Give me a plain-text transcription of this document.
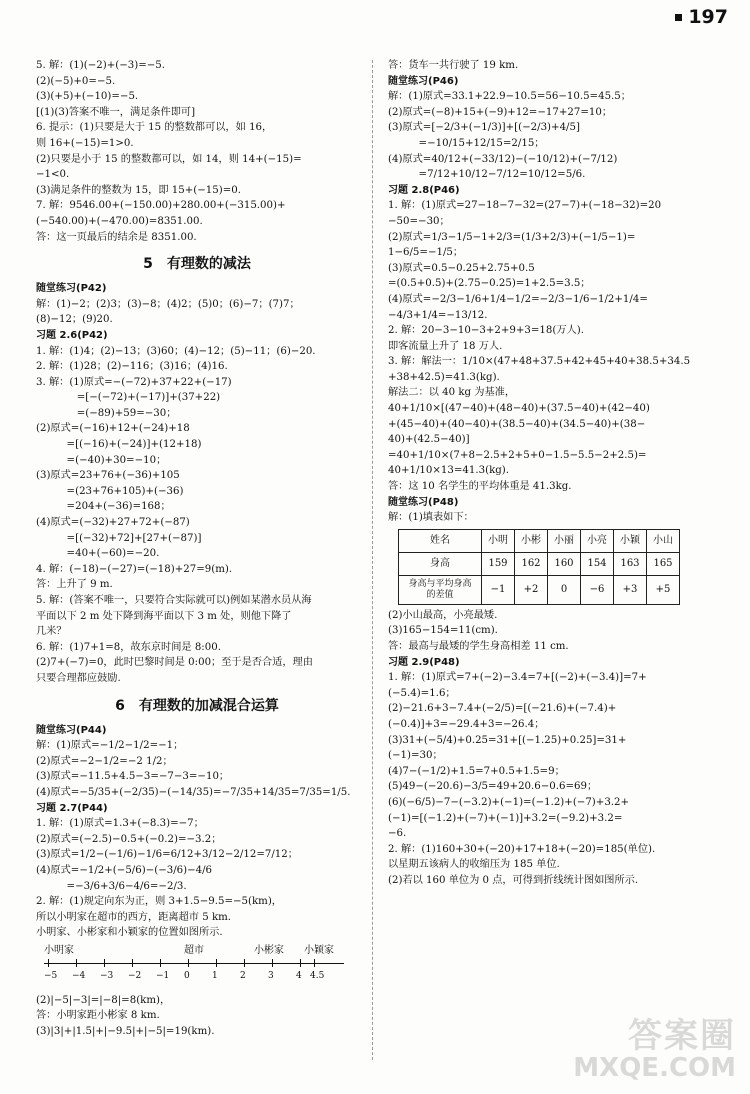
197
5. 解：(1)(−2)+(−3)=−5.
(2)(−5)+0=−5.
(3)(+5)+(−10)=−5.
[(1)(3)答案不唯一，满足条件即可]
6. 提示：(1)只要是大于 15 的整数都可以，如 16，
则 16+(−15)=1>0.
(2)只要是小于 15 的整数都可以，如 14，则 14+(−15)=
−1<0.
(3)满足条件的整数为 15，即 15+(−15)=0.
7. 解：9546.00+(−150.00)+280.00+(−315.00)+
(−540.00)+(−470.00)=8351.00.
答：这一页最后的结余是 8351.00.
5　有理数的减法
随堂练习(P42)
解：(1)−2；(2)3；(3)−8；(4)2；(5)0；(6)−7；(7)7；
(8)−12；(9)20.
习题 2.6(P42)
1. 解：(1)4；(2)−13；(3)60；(4)−12；(5)−11；(6)−20.
2. 解：(1)28；(2)−116；(3)16；(4)16.
3. 解：(1)原式=−(−72)+37+22+(−17)
　　　　=[−(−72)+(−17)]+(37+22)
　　　　=(−89)+59=−30；
(2)原式=(−16)+12+(−24)+18
　　　=[(−16)+(−24)]+(12+18)
　　　=(−40)+30=−10；
(3)原式=23+76+(−36)+105
　　　=(23+76+105)+(−36)
　　　=204+(−36)=168；
(4)原式=(−32)+27+72+(−87)
　　　=[(−32)+72]+[27+(−87)]
　　　=40+(−60)=−20.
4. 解：(−18)−(−27)=(−18)+27=9(m).
答：上升了 9 m.
5. 解：(答案不唯一，只要符合实际就可以)例如某潜水员从海
平面以下 2 m 处下降到海平面以下 3 m 处，则他下降了
几米？
6. 解：(1)7+1=8，故东京时间是 8:00.
(2)7+(−7)=0，此时巴黎时间是 0:00；至于是否合适，理由
只要合理都应鼓励.
6　有理数的加减混合运算
随堂练习(P44)
解：(1)原式=−1/2−1/2=−1；
(2)原式=−2−1/2=−2 1/2；
(3)原式=−11.5+4.5−3=−7−3=−10；
(4)原式=−5/35+(−2/35)−(−14/35)=−7/35+14/35=7/35=1/5.
习题 2.7(P44)
1. 解：(1)原式=1.3+(−8.3)=−7；
(2)原式=(−2.5)−0.5+(−0.2)=−3.2；
(3)原式=1/2−(−1/6)−1/6=6/12+3/12−2/12=7/12；
(4)原式=−1/2+(−5/6)−(−3/6)−4/6
　　　=−3/6+3/6−4/6=−2/3.
2. 解：(1)规定向东为正，则 3+1.5−9.5=−5(km)，
所以小明家在超市的西方，距离超市 5 km.
小明家、小彬家和小颖家的位置如图所示.
小明家	超市	小彬家 小颖家
−5 −4 −3 −2 −1 0 1 2 3 4 4.5
(2)|−5|−3|=|−8|=8(km)，
答：小明家距小彬家 8 km.
(3)|3|+|1.5|+|−9.5|+|−5|=19(km).
答：货车一共行驶了 19 km.
随堂练习(P46)
解：(1)原式=33.1+22.9−10.5=56−10.5=45.5；
(2)原式=(−8)+15+(−9)+12=−17+27=10；
(3)原式=[−2/3+(−1/3)]+[(−2/3)+4/5]
　　　=−10/15+12/15=2/15；
(4)原式=40/12+(−33/12)−(−10/12)+(−7/12)
　　　=7/12+10/12−7/12=10/12=5/6.
习题 2.8(P46)
1. 解：(1)原式=27−18−7−32=(27−7)+(−18−32)=20
−50=−30；
(2)原式=1/3−1/5−1+2/3=(1/3+2/3)+(−1/5−1)=
1−6/5=−1/5；
(3)原式=0.5−0.25+2.75+0.5
=(0.5+0.5)+(2.75−0.25)=1+2.5=3.5；
(4)原式=−2/3−1/6+1/4−1/2=−2/3−1/6−1/2+1/4=
−4/3+1/4=−13/12.
2. 解：20−3−10−3+2+9+3=18(万人).
即客流量上升了 18 万人.
3. 解：解法一：1/10×(47+48+37.5+42+45+40+38.5+34.5
+38+42.5)=41.3(kg).
解法二：以 40 kg 为基准，
40+1/10×[(47−40)+(48−40)+(37.5−40)+(42−40)
+(45−40)+(40−40)+(38.5−40)+(34.5−40)+(38−
40)+(42.5−40)]
=40+1/10×(7+8−2.5+2+5+0−1.5−5.5−2+2.5)=
40+1/10×13=41.3(kg).
答：这 10 名学生的平均体重是 41.3kg.
随堂练习(P48)
解：(1)填表如下：
姓名	小明	小彬	小丽	小亮	小颖	小山
身高	159	162	160	154	163	165
身高与平均身高的差值	−1	+2	0	−6	+3	+5
(2)小山最高，小亮最矮.
(3)165−154=11(cm).
答：最高与最矮的学生身高相差 11 cm.
习题 2.9(P48)
1. 解：(1)原式=7+(−2)−3.4=7+[(−2)+(−3.4)]=7+
(−5.4)=1.6；
(2)−21.6+3−7.4+(−2/5)=[(−21.6)+(−7.4)+
(−0.4)]+3=−29.4+3=−26.4；
(3)31+(−5/4)+0.25=31+[(−1.25)+0.25]=31+
(−1)=30；
(4)7−(−1/2)+1.5=7+0.5+1.5=9；
(5)49−(−20.6)−3/5=49+20.6−0.6=69；
(6)(−6/5)−7−(−3.2)+(−1)=(−1.2)+(−7)+3.2+
(−1)=[(−1.2)+(−7)+(−1)]+3.2=(−9.2)+3.2=
−6.
2. 解：(1)160+30+(−20)+17+18+(−20)=185(单位).
以星期五该病人的收缩压为 185 单位.
(2)若以 160 单位为 0 点，可得到折线统计图如图所示.
答案圈
MXQE.COM
